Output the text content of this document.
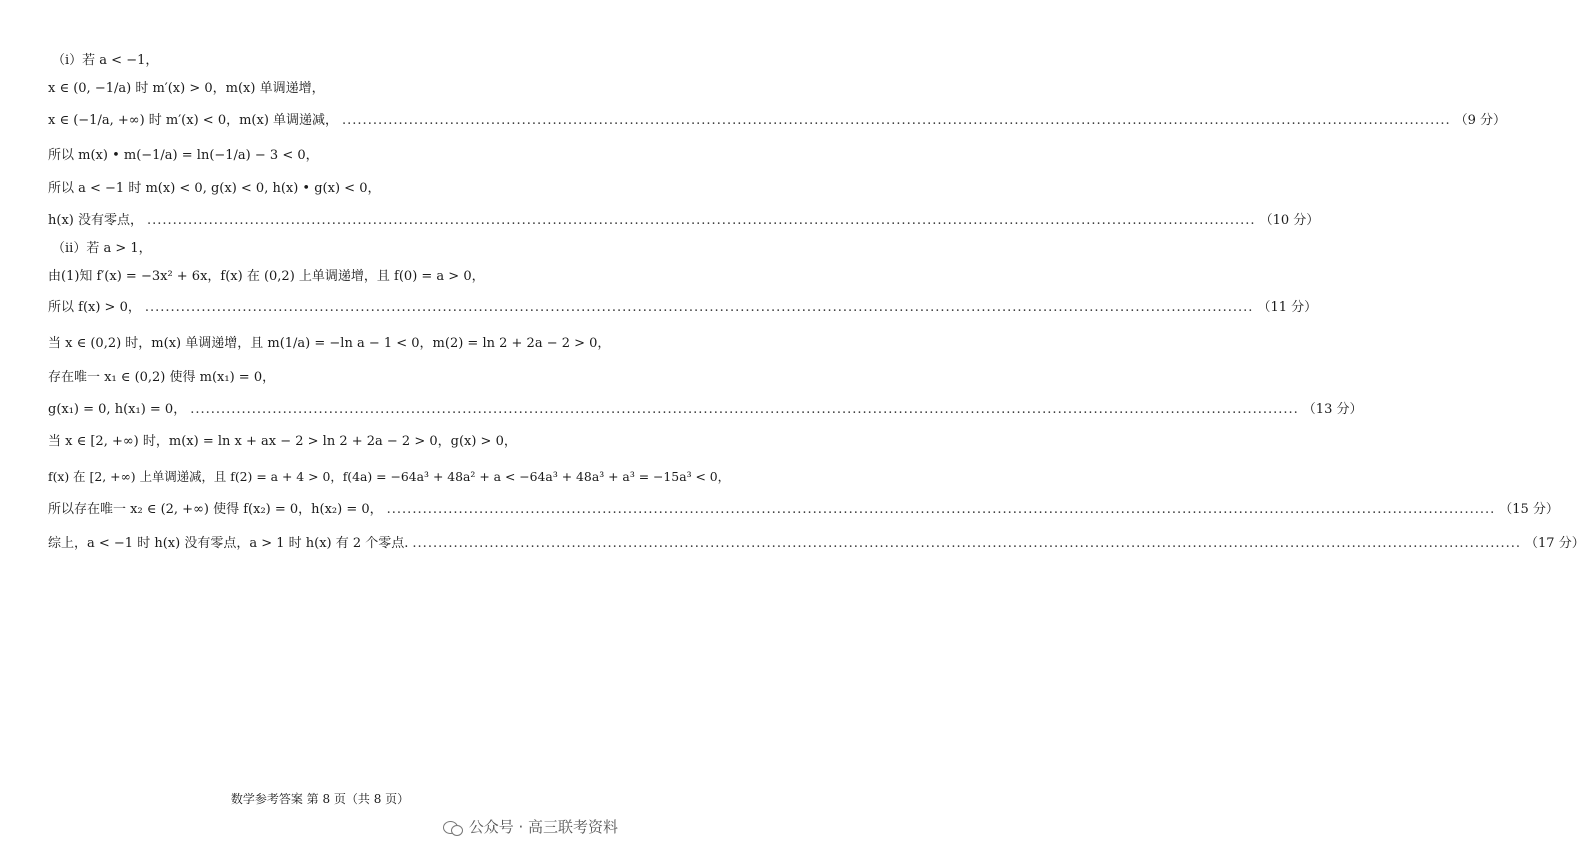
（i）若 a < −1，
x ∈ (0, −1/a) 时 m′(x) > 0，m(x) 单调递增，
x ∈ (−1/a, +∞) 时 m′(x) < 0，m(x) 单调递减， .....	（9 分）
所以 m(x) • m(−1/a) = ln(−1/a) − 3 < 0，
所以 a < −1 时 m(x) < 0, g(x) < 0, h(x) • g(x) < 0，
h(x) 没有零点， .....	（10 分）
（ii）若 a > 1，
由(1)知 f′(x) = −3x² + 6x，f(x) 在 (0,2) 上单调递增，且 f(0) = a > 0，
所以 f(x) > 0， .....	（11 分）
当 x ∈ (0,2) 时，m(x) 单调递增，且 m(1/a) = −ln a − 1 < 0，m(2) = ln 2 + 2a − 2 > 0，
存在唯一 x₁ ∈ (0,2) 使得 m(x₁) = 0，
g(x₁) = 0, h(x₁) = 0， .....	（13 分）
当 x ∈ [2, +∞) 时，m(x) = ln x + ax − 2 > ln 2 + 2a − 2 > 0，g(x) > 0，
f(x) 在 [2, +∞) 上单调递减，且 f(2) = a + 4 > 0，f(4a) = −64a³ + 48a² + a < −64a³ + 48a³ + a³ = −15a³ < 0，
所以存在唯一 x₂ ∈ (2, +∞) 使得 f(x₂) = 0，h(x₂) = 0， .....	（15 分）
综上，a < −1 时 h(x) 没有零点，a > 1 时 h(x) 有 2 个零点. .....	（17 分）
数学参考答案 第 8 页（共 8 页）
公众号 · 高三联考资料
